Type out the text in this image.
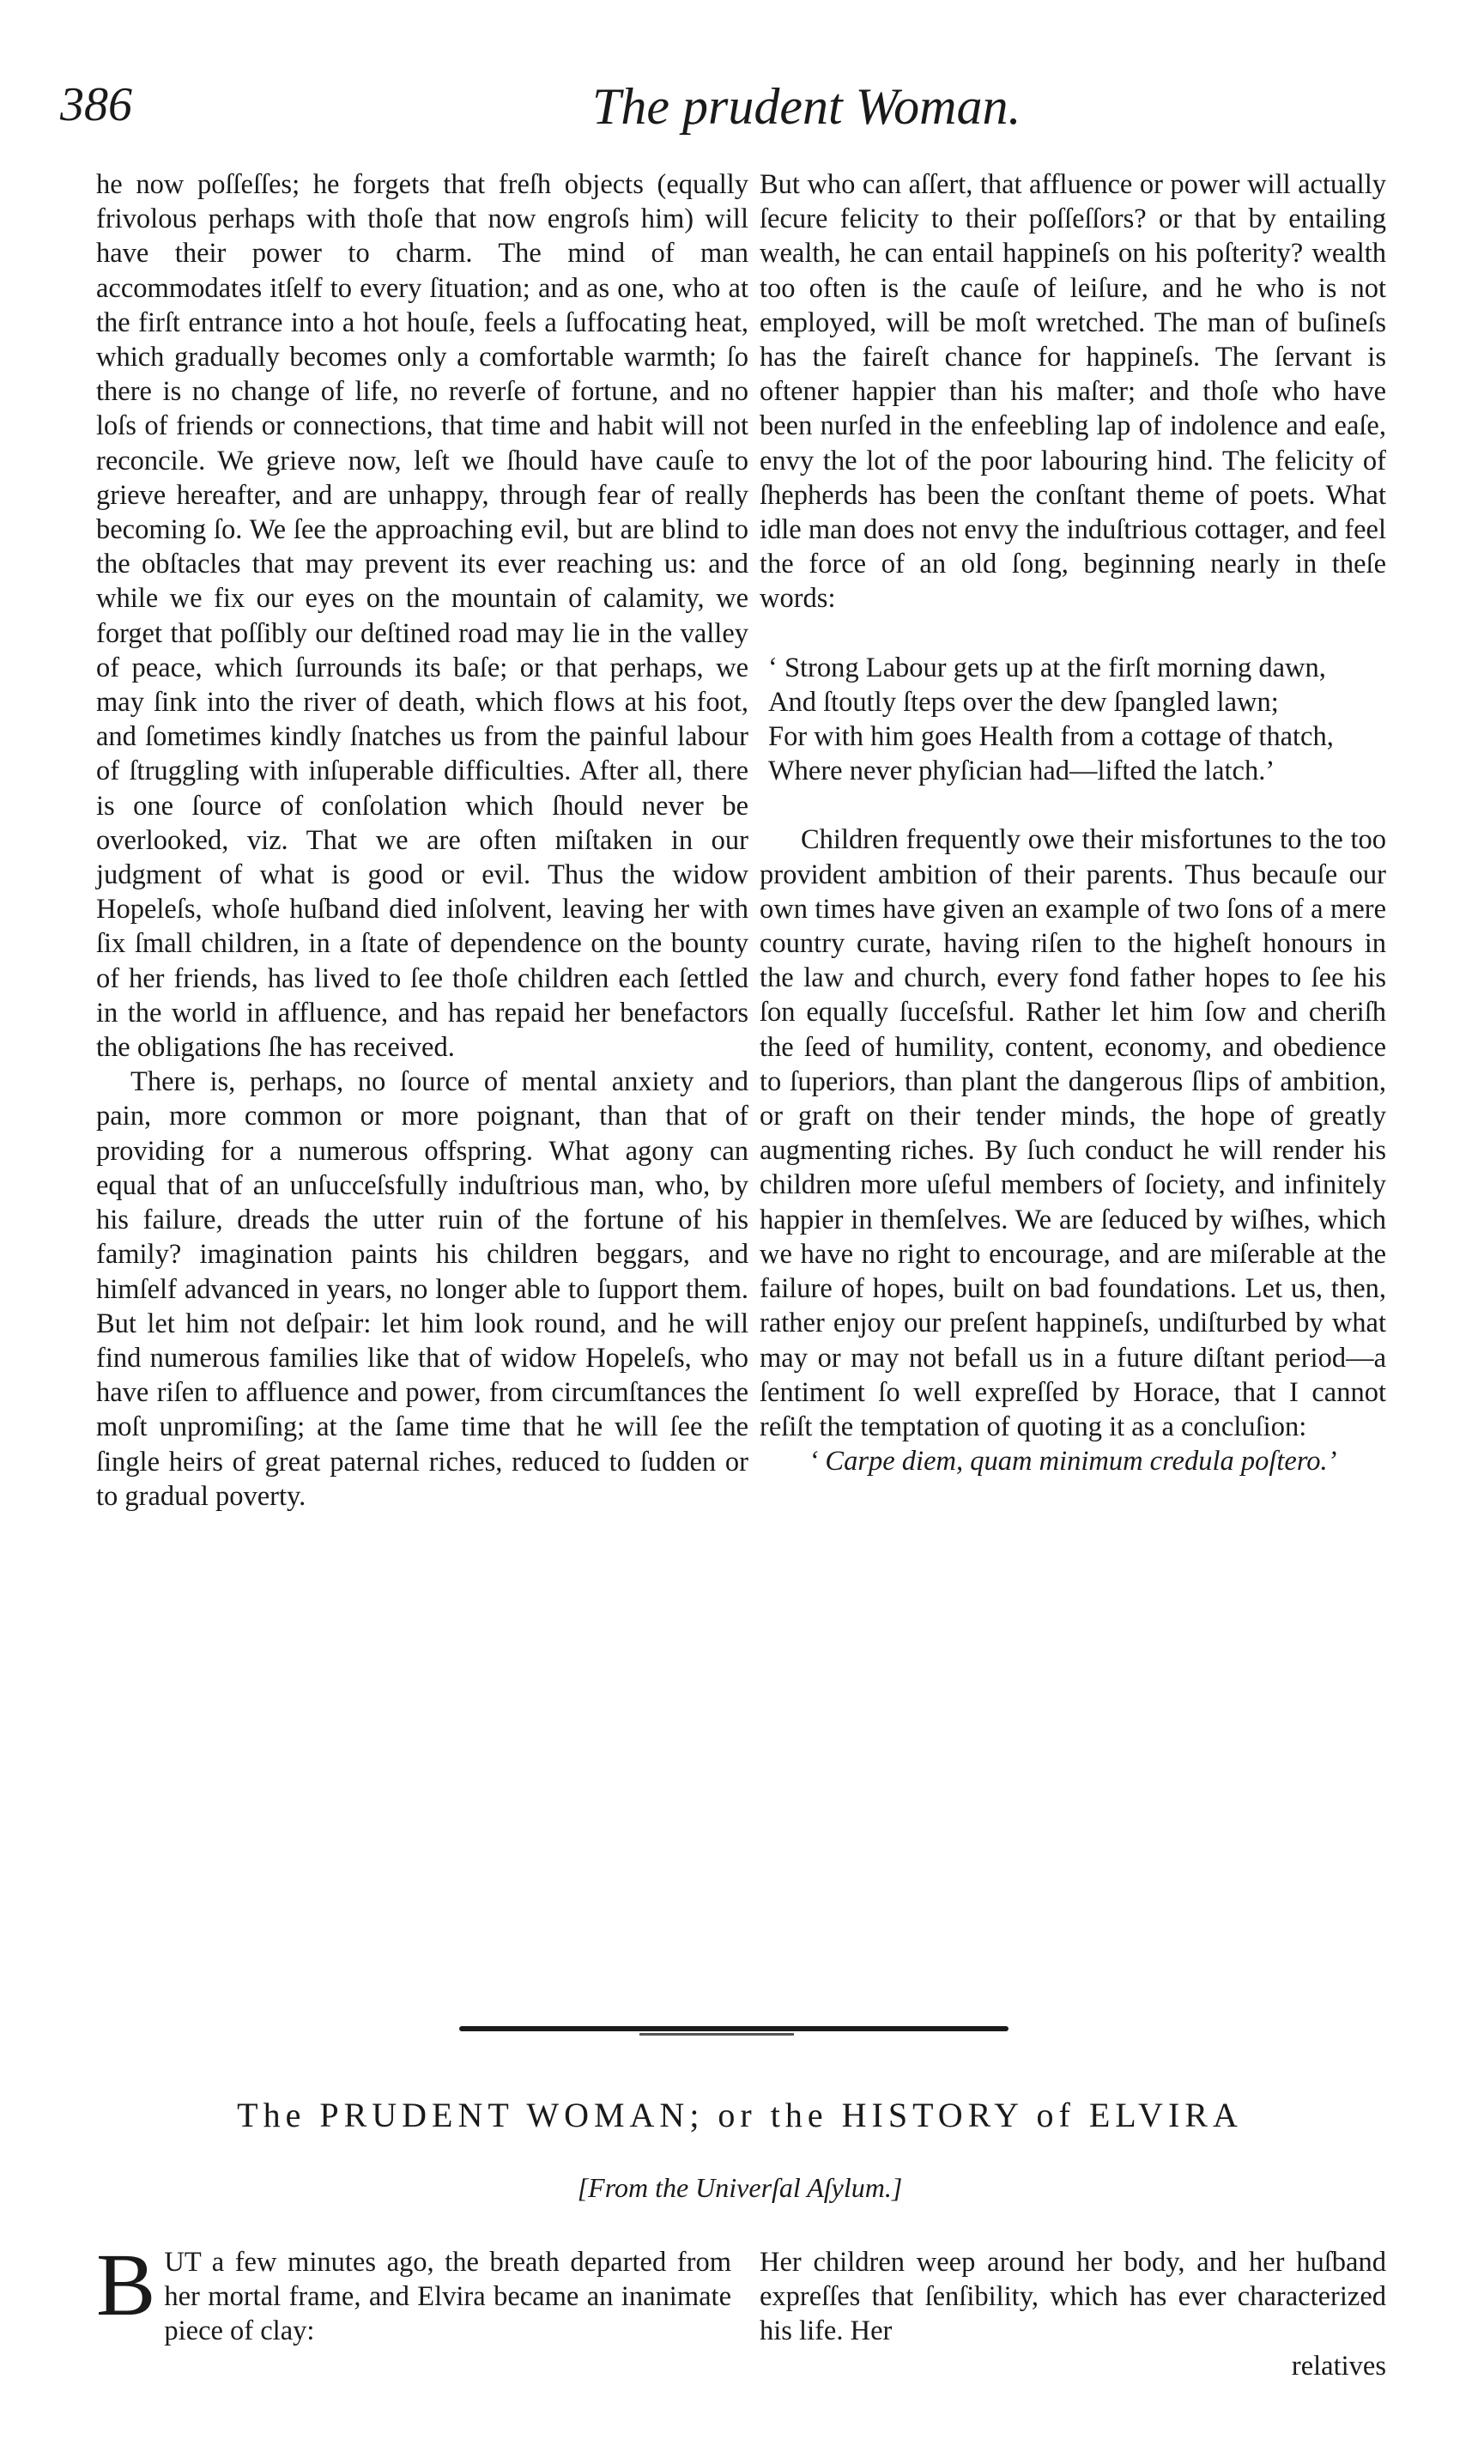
386	The prudent Woman.

he now poſſeſſes; he forgets that freſh objects (equally frivolous perhaps with thoſe that now engroſs him) will have their power to charm. The mind of man accommodates itſelf to every ſituation; and as one, who at the firſt entrance into a hot houſe, feels a ſuffocating heat, which gradually becomes only a comfortable warmth; ſo there is no change of life, no reverſe of fortune, and no loſs of friends or connections, that time and habit will not reconcile. We grieve now, leſt we ſhould have cauſe to grieve hereafter, and are unhappy, through fear of really becoming ſo. We ſee the approaching evil, but are blind to the obſtacles that may prevent its ever reaching us: and while we fix our eyes on the mountain of calamity, we forget that poſſibly our deſtined road may lie in the valley of peace, which ſurrounds its baſe; or that perhaps, we may ſink into the river of death, which flows at his foot, and ſometimes kindly ſnatches us from the painful labour of ſtruggling with inſuperable difficulties. After all, there is one ſource of conſolation which ſhould never be overlooked, viz. That we are often miſtaken in our judgment of what is good or evil. Thus the widow Hopeleſs, whoſe huſband died inſolvent, leaving her with ſix ſmall children, in a ſtate of dependence on the bounty of her friends, has lived to ſee thoſe children each ſettled in the world in affluence, and has repaid her benefactors the obligations ſhe has received.

There is, perhaps, no ſource of mental anxiety and pain, more common or more poignant, than that of providing for a numerous offspring. What agony can equal that of an unſucceſsfully induſtrious man, who, by his failure, dreads the utter ruin of the fortune of his family? imagination paints his children beggars, and himſelf advanced in years, no longer able to ſupport them. But let him not deſpair: let him look round, and he will find numerous families like that of widow Hopeleſs, who have riſen to affluence and power, from circumſtances the moſt unpromiſing; at the ſame time that he will ſee the ſingle heirs of great paternal riches, reduced to ſudden or to gradual poverty.

But who can aſſert, that affluence or power will actually ſecure felicity to their poſſeſſors? or that by entailing wealth, he can entail happineſs on his poſterity? wealth too often is the cauſe of leiſure, and he who is not employed, will be moſt wretched. The man of buſineſs has the faireſt chance for happineſs. The ſervant is oftener happier than his maſter; and thoſe who have been nurſed in the enfeebling lap of indolence and eaſe, envy the lot of the poor labouring hind. The felicity of ſhepherds has been the conſtant theme of poets. What idle man does not envy the induſtrious cottager, and feel the force of an old ſong, beginning nearly in theſe words:

‘ Strong Labour gets up at the firſt morning dawn,
And ſtoutly ſteps over the dew ſpangled lawn;
For with him goes Health from a cottage of thatch,
Where never phyſician had—lifted the latch.’

Children frequently owe their misfortunes to the too provident ambition of their parents. Thus becauſe our own times have given an example of two ſons of a mere country curate, having riſen to the higheſt honours in the law and church, every fond father hopes to ſee his ſon equally ſucceſsful. Rather let him ſow and cheriſh the ſeed of humility, content, economy, and obedience to ſuperiors, than plant the dangerous ſlips of ambition, or graft on their tender minds, the hope of greatly augmenting riches. By ſuch conduct he will render his children more uſeful members of ſociety, and infinitely happier in themſelves. We are ſeduced by wiſhes, which we have no right to encourage, and are miſerable at the failure of hopes, built on bad foundations. Let us, then, rather enjoy our preſent happineſs, undiſturbed by what may or may not befall us in a future diſtant period—a ſentiment ſo well expreſſed by Horace, that I cannot reſiſt the temptation of quoting it as a concluſion:

‘ Carpe diem, quam minimum credula poſtero.’

The PRUDENT WOMAN; or the HISTORY of ELVIRA
[From the Univerſal Aſylum.]
B UT a few minutes ago, the breath departed from her mortal frame, and Elvira became an inanimate piece of clay:
Her children weep around her body, and her huſband expreſſes that ſenſibility, which has ever characterized his life. Her
relatives
